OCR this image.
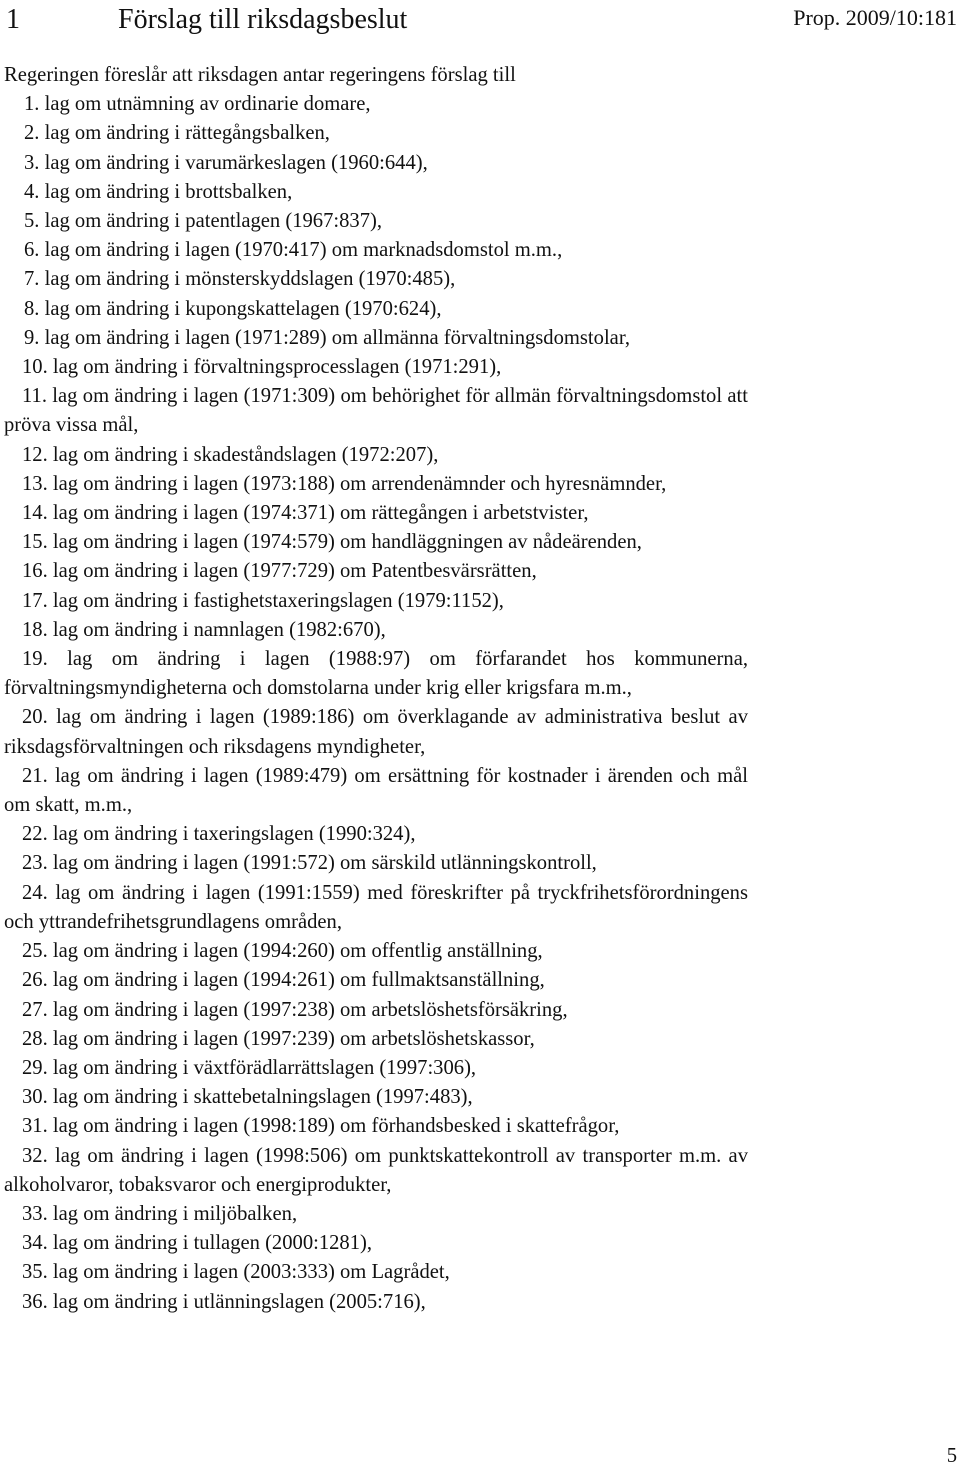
1	Förslag till riksdagsbeslut	Prop. 2009/10:181

Regeringen föreslår att riksdagen antar regeringens förslag till

1. lag om utnämning av ordinarie domare,
2. lag om ändring i rättegångsbalken,
3. lag om ändring i varumärkeslagen (1960:644),
4. lag om ändring i brottsbalken,
5. lag om ändring i patentlagen (1967:837),
6. lag om ändring i lagen (1970:417) om marknadsdomstol m.m.,
7. lag om ändring i mönsterskyddslagen (1970:485),
8. lag om ändring i kupongskattelagen (1970:624),
9. lag om ändring i lagen (1971:289) om allmänna förvaltningsdomstolar,
10. lag om ändring i förvaltningsprocesslagen (1971:291),
11. lag om ändring i lagen (1971:309) om behörighet för allmän förvaltningsdomstol att pröva vissa mål,
12. lag om ändring i skadeståndslagen (1972:207),
13. lag om ändring i lagen (1973:188) om arrendenämnder och hyresnämnder,
14. lag om ändring i lagen (1974:371) om rättegången i arbetstvister,
15. lag om ändring i lagen (1974:579) om handläggningen av nådeärenden,
16. lag om ändring i lagen (1977:729) om Patentbesvärsrätten,
17. lag om ändring i fastighetstaxeringslagen (1979:1152),
18. lag om ändring i namnlagen (1982:670),
19. lag om ändring i lagen (1988:97) om förfarandet hos kommunerna, förvaltningsmyndigheterna och domstolarna under krig eller krigsfara m.m.,
20. lag om ändring i lagen (1989:186) om överklagande av administrativa beslut av riksdagsförvaltningen och riksdagens myndigheter,
21. lag om ändring i lagen (1989:479) om ersättning för kostnader i ärenden och mål om skatt, m.m.,
22. lag om ändring i taxeringslagen (1990:324),
23. lag om ändring i lagen (1991:572) om särskild utlänningskontroll,
24. lag om ändring i lagen (1991:1559) med föreskrifter på tryckfrihetsförordningens och yttrandefrihetsgrundlagens områden,
25. lag om ändring i lagen (1994:260) om offentlig anställning,
26. lag om ändring i lagen (1994:261) om fullmaktsanställning,
27. lag om ändring i lagen (1997:238) om arbetslöshetsförsäkring,
28. lag om ändring i lagen (1997:239) om arbetslöshetskassor,
29. lag om ändring i växtförädlarrättslagen (1997:306),
30. lag om ändring i skattebetalningslagen (1997:483),
31. lag om ändring i lagen (1998:189) om förhandsbesked i skattefrågor,
32. lag om ändring i lagen (1998:506) om punktskattekontroll av transporter m.m. av alkoholvaror, tobaksvaror och energiprodukter,
33. lag om ändring i miljöbalken,
34. lag om ändring i tullagen (2000:1281),
35. lag om ändring i lagen (2003:333) om Lagrådet,
36. lag om ändring i utlänningslagen (2005:716),
5
